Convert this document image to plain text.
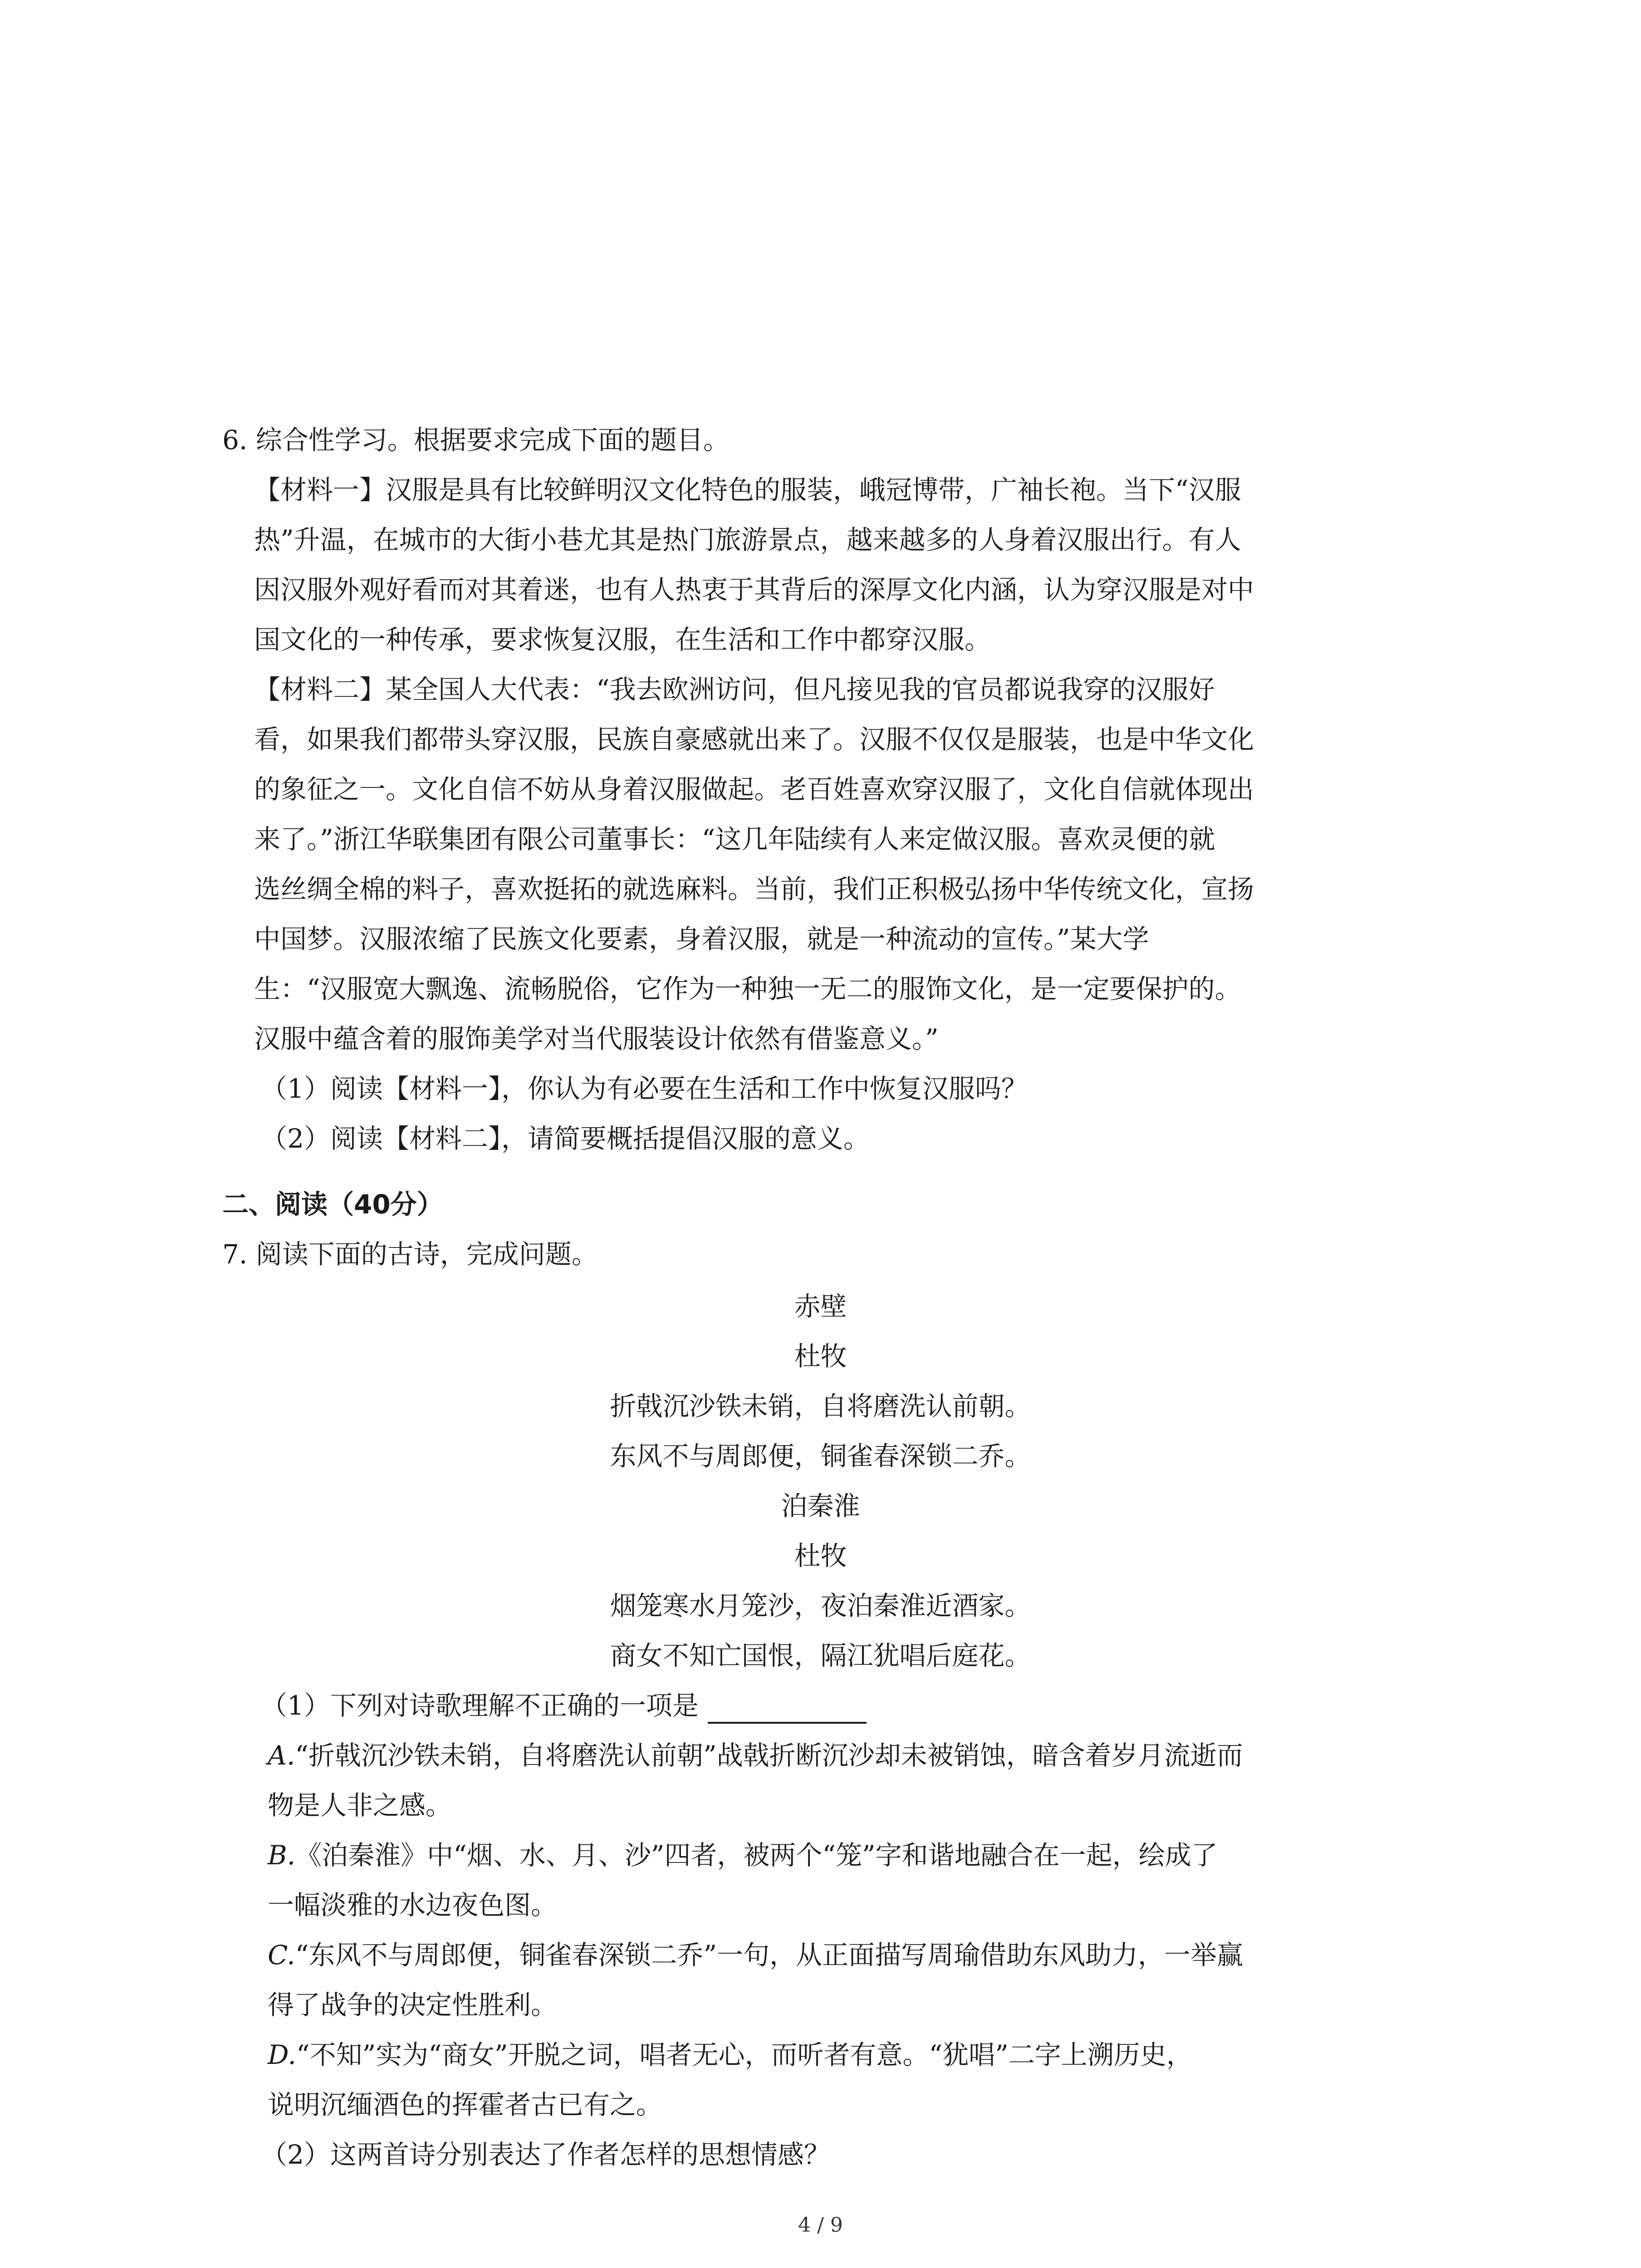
6. 综合性学习。根据要求完成下面的题目。
【材料一】汉服是具有比较鲜明汉文化特色的服装，峨冠博带，广袖长袍。当下“汉服
热”升温，在城市的大街小巷尤其是热门旅游景点，越来越多的人身着汉服出行。有人
因汉服外观好看而对其着迷，也有人热衷于其背后的深厚文化内涵，认为穿汉服是对中
国文化的一种传承，要求恢复汉服，在生活和工作中都穿汉服。
【材料二】某全国人大代表：“我去欧洲访问，但凡接见我的官员都说我穿的汉服好
看，如果我们都带头穿汉服，民族自豪感就出来了。汉服不仅仅是服装，也是中华文化
的象征之一。文化自信不妨从身着汉服做起。老百姓喜欢穿汉服了，文化自信就体现出
来了。”浙江华联集团有限公司董事长：“这几年陆续有人来定做汉服。喜欢灵便的就
选丝绸全棉的料子，喜欢挺拓的就选麻料。当前，我们正积极弘扬中华传统文化，宣扬
中国梦。汉服浓缩了民族文化要素，身着汉服，就是一种流动的宣传。”某大学
生：“汉服宽大飘逸、流畅脱俗，它作为一种独一无二的服饰文化，是一定要保护的。
汉服中蕴含着的服饰美学对当代服装设计依然有借鉴意义。”
（1）阅读【材料一】，你认为有必要在生活和工作中恢复汉服吗？
（2）阅读【材料二】，请简要概括提倡汉服的意义。
二、阅读（40分）
7. 阅读下面的古诗，完成问题。
赤壁
杜牧
折戟沉沙铁未销，自将磨洗认前朝。
东风不与周郎便，铜雀春深锁二乔。
泊秦淮
杜牧
烟笼寒水月笼沙，夜泊秦淮近酒家。
商女不知亡国恨，隔江犹唱后庭花。
（1）下列对诗歌理解不正确的一项是
A.“折戟沉沙铁未销，自将磨洗认前朝”战戟折断沉沙却未被销蚀，暗含着岁月流逝而
物是人非之感。
B.《泊秦淮》中“烟、水、月、沙”四者，被两个“笼”字和谐地融合在一起，绘成了
一幅淡雅的水边夜色图。
C.“东风不与周郎便，铜雀春深锁二乔”一句，从正面描写周瑜借助东风助力，一举赢
得了战争的决定性胜利。
D.“不知”实为“商女”开脱之词，唱者无心，而听者有意。“犹唱”二字上溯历史，
说明沉缅酒色的挥霍者古已有之。
（2）这两首诗分别表达了作者怎样的思想情感？
4 / 9
